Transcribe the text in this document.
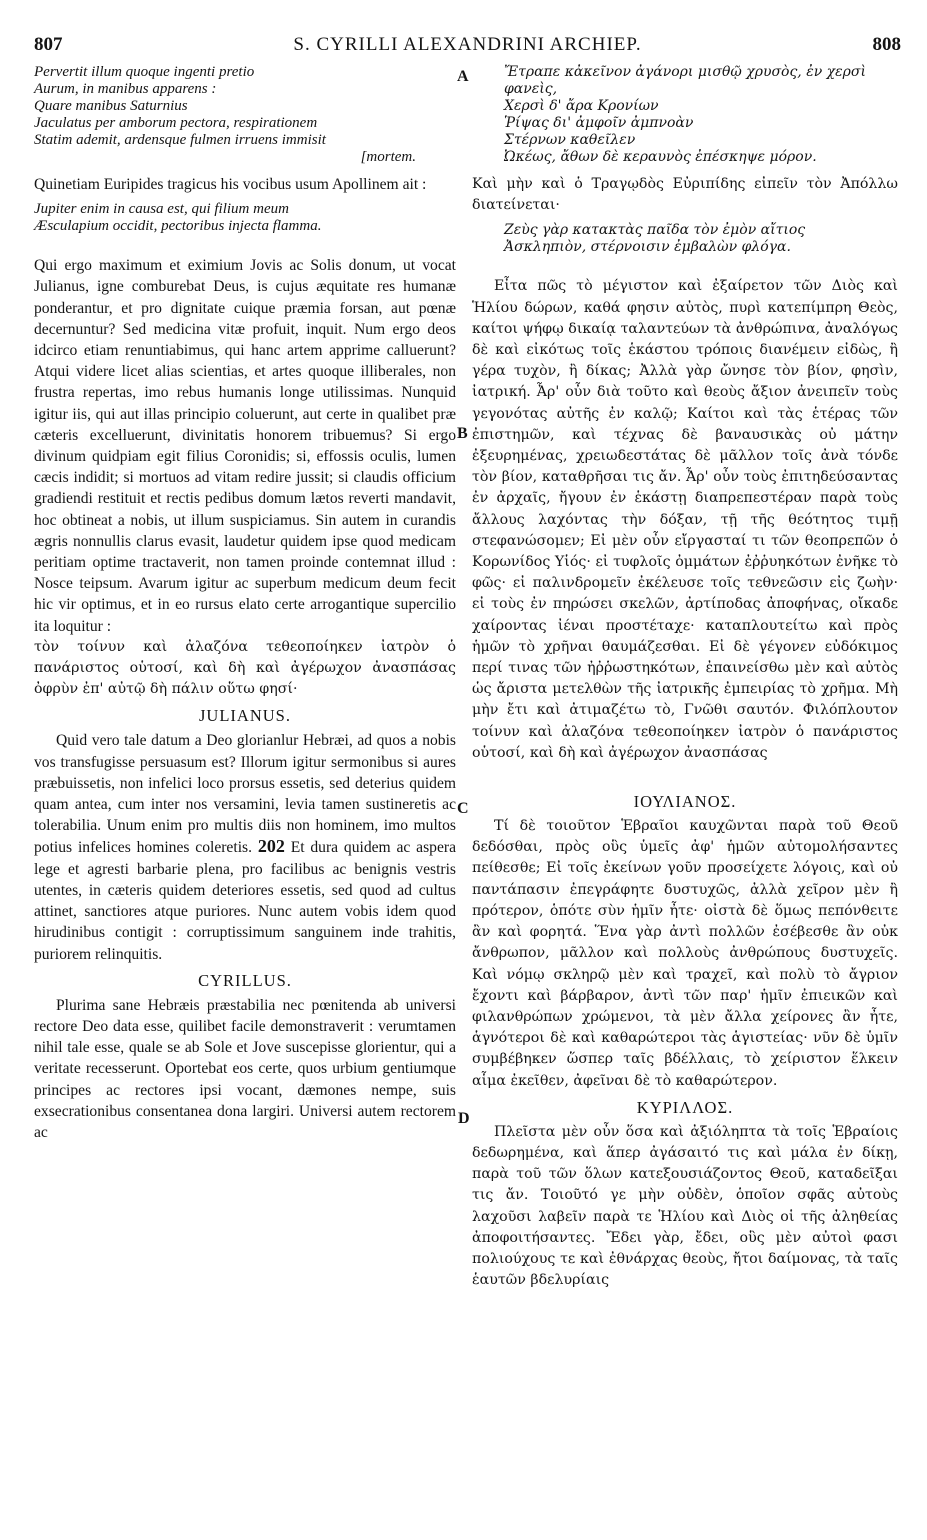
807	S. CYRILLI ALEXANDRINI ARCHIEP.	808
A
B
C
D
Pervertit illum quoque ingenti pretio
Aurum, in manibus apparens :
Quare manibus Saturnius
Jaculatus per amborum pectora, respirationem
Statim ademit, ardensque fulmen irruens immisit
[mortem.

Quinetiam Euripides tragicus his vocibus usum Apollinem ait :

Jupiter enim in causa est, qui filium meum
Æsculapium occidit, pectoribus injecta flamma.

Qui ergo maximum et eximium Jovis ac Solis donum, ut vocat Julianus, igne comburebat Deus, is cujus æquitate res humanæ ponderantur, et pro dignitate cuique præmia forsan, aut pœnæ decernuntur? Sed medicina vitæ profuit, inquit. Num ergo deos idcirco etiam renuntiabimus, qui hanc artem apprime calluerunt? Atqui videre licet alias scientias, et artes quoque illiberales, non frustra repertas, imo rebus humanis longe utilissimas. Nunquid igitur iis, qui aut illas principio coluerunt, aut certe in qualibet præ cæteris excelluerunt, divinitatis honorem tribuemus? Si ergo divinum quidpiam egit filius Coronidis; si, effossis oculis, lumen cæcis indidit; si mortuos ad vitam redire jussit; si claudis officium gradiendi restituit et rectis pedibus domum lætos reverti mandavit, hoc obtineat a nobis, ut illum suspiciamus. Sin autem in curandis ægris nonnullis clarus evasit, laudetur quidem ipse quod medicam peritiam optime tractaverit, non tamen proinde contemnat illud : Nosce teipsum. Avarum igitur ac superbum medicum deum fecit hic vir optimus, et in eo rursus elato certe arrogantique supercilio ita loquitur :

τὸν τοίνυν καὶ ἀλαζόνα τεθεοποίηκεν ἰατρὸν ὁ πανάριστος οὑτοσί, καὶ δὴ καὶ ἀγέρωχον ἀνασπάσας ὀφρὺν ἐπ' αὐτῷ δὴ πάλιν οὕτω φησί·

JULIANUS.

Quid vero tale datum a Deo glorianlur Hebræi, ad quos a nobis vos transfugisse persuasum est? Illorum igitur sermonibus si aures præbuissetis, non infelici loco prorsus essetis, sed deterius quidem quam antea, cum inter nos versamini, levia tamen sustineretis ac tolerabilia. Unum enim pro multis diis non hominem, imo multos potius infelices homines coleretis. 202 Et dura quidem ac aspera lege et agresti barbarie plena, pro facilibus ac benignis vestris utentes, in cæteris quidem deteriores essetis, sed quod ad cultus attinet, sanctiores atque puriores. Nunc autem vobis idem quod hirudinibus contigit : corruptissimum sanguinem inde trahitis, puriorem relinquitis.

CYRILLUS.

Plurima sane Hebræis præstabilia nec pœnitenda ab universi rectore Deo data esse, quilibet facile demonstraverit : verumtamen nihil tale esse, quale se ab Sole et Jove suscepisse glorientur, qui a veritate recesserunt. Oportebat eos certe, quos urbium gentiumque principes ac rectores ipsi vocant, dæmones nempe, suis exsecrationibus consentanea dona largiri. Universi autem rectorem ac

Ἔτραπε κἀκεῖνον ἀγάνορι μισθῷ χρυσὸς, ἐν χερσὶ φανεὶς,
Χερσὶ δ' ἄρα Κρονίων
Ῥίψας δι' ἀμφοῖν ἀμπνοὰν
Στέρνων καθεῖλεν
Ὠκέως, ἄθων δὲ κεραυνὸς ἐπέσκηψε μόρον.

Καὶ μὴν καὶ ὁ Τραγῳδὸς Εὐριπίδης εἰπεῖν τὸν Ἀπόλλω διατείνεται·

Ζεὺς γὰρ κατακτὰς παῖδα τὸν ἐμὸν αἴτιος
Ἀσκληπιὸν, στέρνοισιν ἐμβαλὼν φλόγα.

Εἶτα πῶς τὸ μέγιστον καὶ ἐξαίρετον τῶν Διὸς καὶ Ἡλίου δώρων, καθά φησιν αὐτὸς, πυρὶ κατεπίμπρη Θεὸς, καίτοι ψήφῳ δικαίᾳ ταλαντεύων τὰ ἀνθρώπινα, ἀναλόγως δὲ καὶ εἰκότως τοῖς ἑκάστου τρόποις διανέμειν εἰδὼς, ἢ γέρα τυχὸν, ἢ δίκας; Ἀλλὰ γὰρ ὤνησε τὸν βίον, φησὶν, ἰατρική. Ἆρ' οὖν διὰ τοῦτο καὶ θεοὺς ἄξιον ἀνειπεῖν τοὺς γεγονότας αὐτῆς ἐν καλῷ; Καίτοι καὶ τὰς ἑτέρας τῶν ἐπιστημῶν, καὶ τέχνας δὲ βαναυσικὰς οὐ μάτην ἐξευρημένας, χρειωδεστάτας δὲ μᾶλλον τοῖς ἀνὰ τόνδε τὸν βίον, καταθρῆσαι τις ἄν. Ἆρ' οὖν τοὺς ἐπιτηδεύσαντας ἐν ἀρχαῖς, ἤγουν ἐν ἑκάστῃ διαπρεπεστέραν παρὰ τοὺς ἄλλους λαχόντας τὴν δόξαν, τῇ τῆς θεότητος τιμῇ στεφανώσομεν; Εἰ μὲν οὖν εἴργασταί τι τῶν θεοπρεπῶν ὁ Κορωνίδος Υἱός· εἰ τυφλοῖς ὀμμάτων ἐῤῥυηκότων ἐνῆκε τὸ φῶς· εἰ παλινδρομεῖν ἐκέλευσε τοῖς τεθνεῶσιν εἰς ζωὴν· εἰ τοὺς ἐν πηρώσει σκελῶν, ἀρτίποδας ἀποφήνας, οἴκαδε χαίροντας ἰέναι προστέταχε· καταπλουτείτω καὶ πρὸς ἡμῶν τὸ χρῆναι θαυμάζεσθαι. Εἰ δὲ γέγονεν εὐδόκιμος περί τινας τῶν ἠῤῥωστηκότων, ἐπαινείσθω μὲν καὶ αὐτὸς ὡς ἄριστα μετελθὼν τῆς ἰατρικῆς ἐμπειρίας τὸ χρῆμα. Μὴ μὴν ἔτι καὶ ἀτιμαζέτω τὸ, Γνῶθι σαυτόν. Φιλόπλουτον τοίνυν καὶ ἀλαζόνα τεθεοποίηκεν ἰατρὸν ὁ πανάριστος οὑτοσί, καὶ δὴ καὶ ἀγέρωχον ἀνασπάσας

ΙΟΥΛΙΑΝΟΣ.

Τί δὲ τοιοῦτον Ἑβραῖοι καυχῶνται παρὰ τοῦ Θεοῦ δεδόσθαι, πρὸς οὓς ὑμεῖς ἀφ' ἡμῶν αὐτομολήσαντες πείθεσθε; Εἰ τοῖς ἐκείνων γοῦν προσείχετε λόγοις, καὶ οὐ παντάπασιν ἐπεγράφητε δυστυχῶς, ἀλλὰ χεῖρον μὲν ἢ πρότερον, ὁπότε σὺν ἡμῖν ἦτε· οἰστὰ δὲ ὅμως πεπόνθειτε ἂν καὶ φορητά. Ἕνα γὰρ ἀντὶ πολλῶν ἐσέβεσθε ἂν οὐκ ἄνθρωπον, μᾶλλον καὶ πολλοὺς ἀνθρώπους δυστυχεῖς. Καὶ νόμῳ σκληρῷ μὲν καὶ τραχεῖ, καὶ πολὺ τὸ ἄγριον ἔχοντι καὶ βάρβαρον, ἀντὶ τῶν παρ' ἡμῖν ἐπιεικῶν καὶ φιλανθρώπων χρώμενοι, τὰ μὲν ἄλλα χείρονες ἂν ἦτε, ἁγνότεροι δὲ καὶ καθαρώτεροι τὰς ἁγιστείας· νῦν δὲ ὑμῖν συμβέβηκεν ὥσπερ ταῖς βδέλλαις, τὸ χείριστον ἕλκειν αἷμα ἐκεῖθεν, ἀφεῖναι δὲ τὸ καθαρώτερον.

ΚΥΡΙΛΛΟΣ.

Πλεῖστα μὲν οὖν ὅσα καὶ ἀξιόληπτα τὰ τοῖς Ἑβραίοις δεδωρημένα, καὶ ἅπερ ἀγάσαιτό τις καὶ μάλα ἐν δίκῃ, παρὰ τοῦ τῶν ὅλων κατεξουσιάζοντος Θεοῦ, καταδεῖξαι τις ἄν. Τοιοῦτό γε μὴν οὐδὲν, ὁποῖον σφᾶς αὐτοὺς λαχοῦσι λαβεῖν παρὰ τε Ἡλίου καὶ Διὸς οἱ τῆς ἀληθείας ἀποφοιτήσαντες. Ἔδει γὰρ, ἔδει, οὓς μὲν αὐτοὶ φασι πολιούχους τε καὶ ἐθνάρχας θεοὺς, ἤτοι δαίμονας, τὰ ταῖς ἑαυτῶν βδελυρίαις
